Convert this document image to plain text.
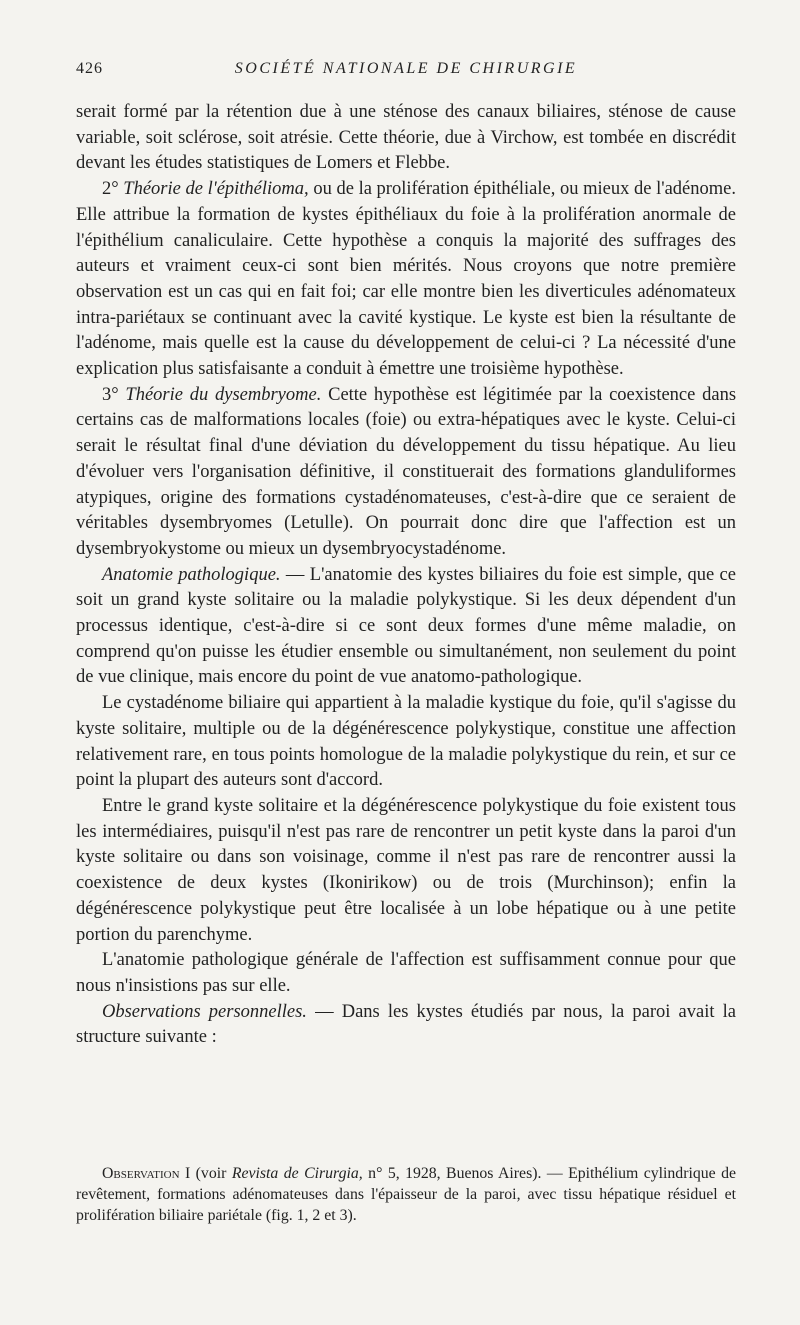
426	SOCIÉTÉ NATIONALE DE CHIRURGIE

serait formé par la rétention due à une sténose des canaux biliaires, sténose de cause variable, soit sclérose, soit atrésie. Cette théorie, due à Virchow, est tombée en discrédit devant les études statistiques de Lomers et Flebbe.

2° Théorie de l'épithélioma, ou de la prolifération épithéliale, ou mieux de l'adénome. Elle attribue la formation de kystes épithéliaux du foie à la prolifération anormale de l'épithélium canaliculaire. Cette hypothèse a conquis la majorité des suffrages des auteurs et vraiment ceux-ci sont bien mérités. Nous croyons que notre première observation est un cas qui en fait foi; car elle montre bien les diverticules adénomateux intra-pariétaux se continuant avec la cavité kystique. Le kyste est bien la résultante de l'adénome, mais quelle est la cause du développement de celui-ci ? La nécessité d'une explication plus satisfaisante a conduit à émettre une troisième hypothèse.

3° Théorie du dysembryome. Cette hypothèse est légitimée par la coexistence dans certains cas de malformations locales (foie) ou extra-hépatiques avec le kyste. Celui-ci serait le résultat final d'une déviation du développement du tissu hépatique. Au lieu d'évoluer vers l'organisation définitive, il constituerait des formations glanduliformes atypiques, origine des formations cystadénomateuses, c'est-à-dire que ce seraient de véritables dysembryomes (Letulle). On pourrait donc dire que l'affection est un dysembryokystome ou mieux un dysembryocystadénome.

Anatomie pathologique. — L'anatomie des kystes biliaires du foie est simple, que ce soit un grand kyste solitaire ou la maladie polykystique. Si les deux dépendent d'un processus identique, c'est-à-dire si ce sont deux formes d'une même maladie, on comprend qu'on puisse les étudier ensemble ou simultanément, non seulement du point de vue clinique, mais encore du point de vue anatomo-pathologique.

Le cystadénome biliaire qui appartient à la maladie kystique du foie, qu'il s'agisse du kyste solitaire, multiple ou de la dégénérescence polykystique, constitue une affection relativement rare, en tous points homologue de la maladie polykystique du rein, et sur ce point la plupart des auteurs sont d'accord.

Entre le grand kyste solitaire et la dégénérescence polykystique du foie existent tous les intermédiaires, puisqu'il n'est pas rare de rencontrer un petit kyste dans la paroi d'un kyste solitaire ou dans son voisinage, comme il n'est pas rare de rencontrer aussi la coexistence de deux kystes (Ikonirikow) ou de trois (Murchinson); enfin la dégénérescence polykystique peut être localisée à un lobe hépatique ou à une petite portion du parenchyme.

L'anatomie pathologique générale de l'affection est suffisamment connue pour que nous n'insistions pas sur elle.

Observations personnelles. — Dans les kystes étudiés par nous, la paroi avait la structure suivante :

Observation I (voir Revista de Cirurgia, n° 5, 1928, Buenos Aires). — Epithélium cylindrique de revêtement, formations adénomateuses dans l'épaisseur de la paroi, avec tissu hépatique résiduel et prolifération biliaire pariétale (fig. 1, 2 et 3).
